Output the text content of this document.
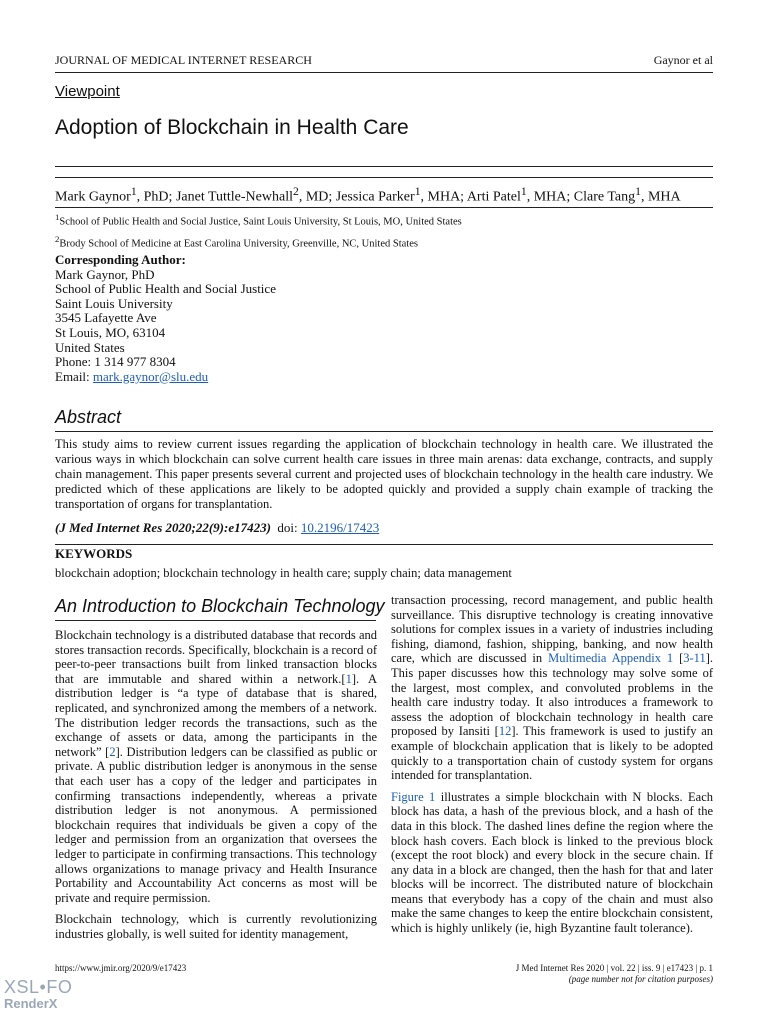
JOURNAL OF MEDICAL INTERNET RESEARCH	Gaynor et al
Viewpoint
Adoption of Blockchain in Health Care
Mark Gaynor$^1$, PhD; Janet Tuttle-Newhall$^2$, MD; Jessica Parker$^1$, MHA; Arti Patel$^1$, MHA; Clare Tang$^1$, MHA
$^1$School of Public Health and Social Justice, Saint Louis University, St Louis, MO, United States
$^2$Brody School of Medicine at East Carolina University, Greenville, NC, United States
Corresponding Author:
Mark Gaynor, PhD
School of Public Health and Social Justice
Saint Louis University
3545 Lafayette Ave
St Louis, MO, 63104
United States
Phone: 1 314 977 8304
Email: mark.gaynor@slu.edu
Abstract
This study aims to review current issues regarding the application of blockchain technology in health care. We illustrated the various ways in which blockchain can solve current health care issues in three main arenas: data exchange, contracts, and supply chain management. This paper presents several current and projected uses of blockchain technology in the health care industry. We predicted which of these applications are likely to be adopted quickly and provided a supply chain example of tracking the transportation of organs for transplantation.
(J Med Internet Res 2020;22(9):e17423) doi: 10.2196/17423
KEYWORDS
blockchain adoption; blockchain technology in health care; supply chain; data management
An Introduction to Blockchain Technology

Blockchain technology is a distributed database that records and stores transaction records. Specifically, blockchain is a record of peer-to-peer transactions built from linked transaction blocks that are immutable and shared within a network.[1]. A distribution ledger is “a type of database that is shared, replicated, and synchronized among the members of a network. The distribution ledger records the transactions, such as the exchange of assets or data, among the participants in the network” [2]. Distribution ledgers can be classified as public or private. A public distribution ledger is anonymous in the sense that each user has a copy of the ledger and participates in confirming transactions independently, whereas a private distribution ledger is not anonymous. A permissioned blockchain requires that individuals be given a copy of the ledger and permission from an organization that oversees the ledger to participate in confirming transactions. This technology allows organizations to manage privacy and Health Insurance Portability and Accountability Act concerns as most will be private and require permission.

Blockchain technology, which is currently revolutionizing industries globally, is well suited for identity management,

transaction processing, record management, and public health surveillance. This disruptive technology is creating innovative solutions for complex issues in a variety of industries including fishing, diamond, fashion, shipping, banking, and now health care, which are discussed in Multimedia Appendix 1 [3-11]. This paper discusses how this technology may solve some of the largest, most complex, and convoluted problems in the health care industry today. It also introduces a framework to assess the adoption of blockchain technology in health care proposed by Iansiti [12]. This framework is used to justify an example of blockchain application that is likely to be adopted quickly to a transportation chain of custody system for organs intended for transplantation.

Figure 1 illustrates a simple blockchain with N blocks. Each block has data, a hash of the previous block, and a hash of the data in this block. The dashed lines define the region where the block hash covers. Each block is linked to the previous block (except the root block) and every block in the secure chain. If any data in a block are changed, then the hash for that and later blocks will be incorrect. The distributed nature of blockchain means that everybody has a copy of the chain and must also make the same changes to keep the entire blockchain consistent, which is highly unlikely (ie, high Byzantine fault tolerance).

https://www.jmir.org/2020/9/e17423	J Med Internet Res 2020 | vol. 22 | iss. 9 | e17423 | p. 1
(page number not for citation purposes)
XSL•FO
RenderX
